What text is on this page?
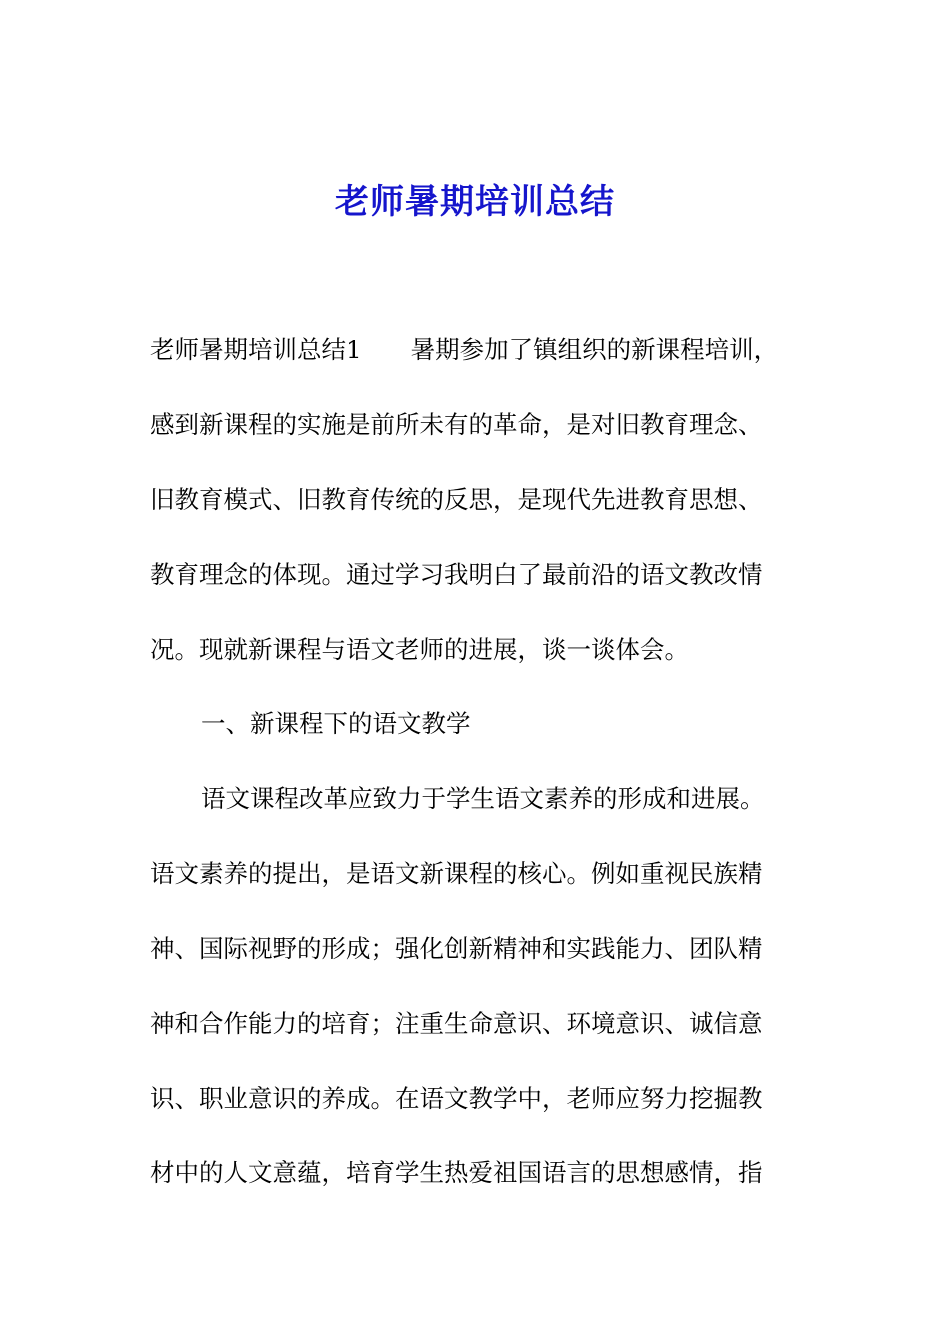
老师暑期培训总结
老师暑期培训总结1　　暑期参加了镇组织的新课程培训，
感到新课程的实施是前所未有的革命，是对旧教育理念、
旧教育模式、旧教育传统的反思，是现代先进教育思想、
教育理念的体现。通过学习我明白了最前沿的语文教改情
况。现就新课程与语文老师的进展，谈一谈体会。
一、新课程下的语文教学
语文课程改革应致力于学生语文素养的形成和进展。
语文素养的提出，是语文新课程的核心。例如重视民族精
神、国际视野的形成；强化创新精神和实践能力、团队精
神和合作能力的培育；注重生命意识、环境意识、诚信意
识、职业意识的养成。在语文教学中，老师应努力挖掘教
材中的人文意蕴，培育学生热爱祖国语言的思想感情，指
